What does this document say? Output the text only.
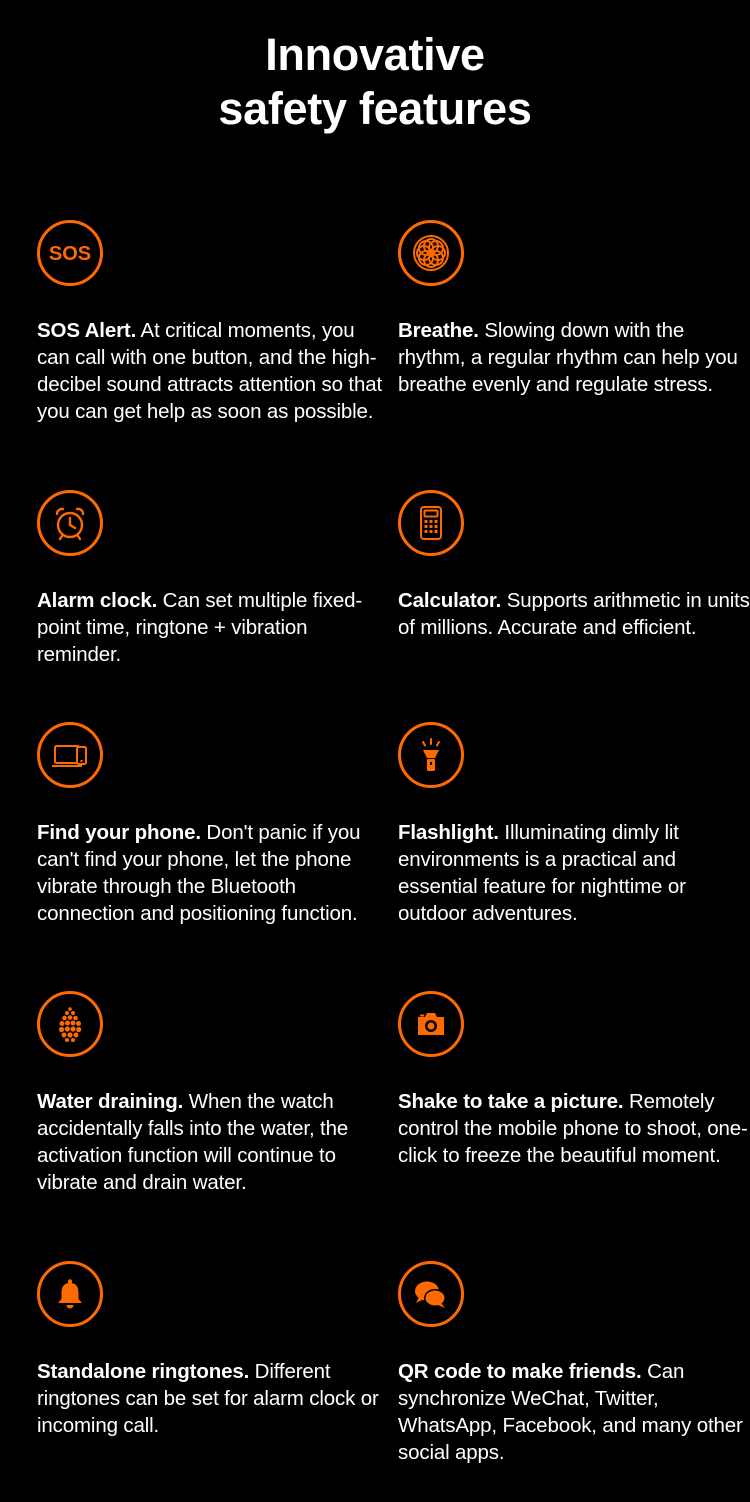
Innovative
safety features
SOS
SOS Alert. At critical moments, you can call with one button, and the high-decibel sound attracts attention so that you can get help as soon as possible.
Breathe. Slowing down with the rhythm, a regular rhythm can help you breathe evenly and regulate stress.
Alarm clock. Can set multiple fixed-point time, ringtone + vibration reminder.
Calculator. Supports arithmetic in units of millions. Accurate and efficient.
Find your phone. Don't panic if you can't find your phone, let the phone vibrate through the Bluetooth connection and positioning function.
Flashlight. Illuminating dimly lit environments is a practical and essential feature for nighttime or outdoor adventures.
Water draining. When the watch accidentally falls into the water, the activation function will continue to vibrate and drain water.
Shake to take a picture. Remotely control the mobile phone to shoot, one-click to freeze the beautiful moment.
Standalone ringtones. Different ringtones can be set for alarm clock or incoming call.
QR code to make friends. Can synchronize WeChat, Twitter, WhatsApp, Facebook, and many other social apps.
